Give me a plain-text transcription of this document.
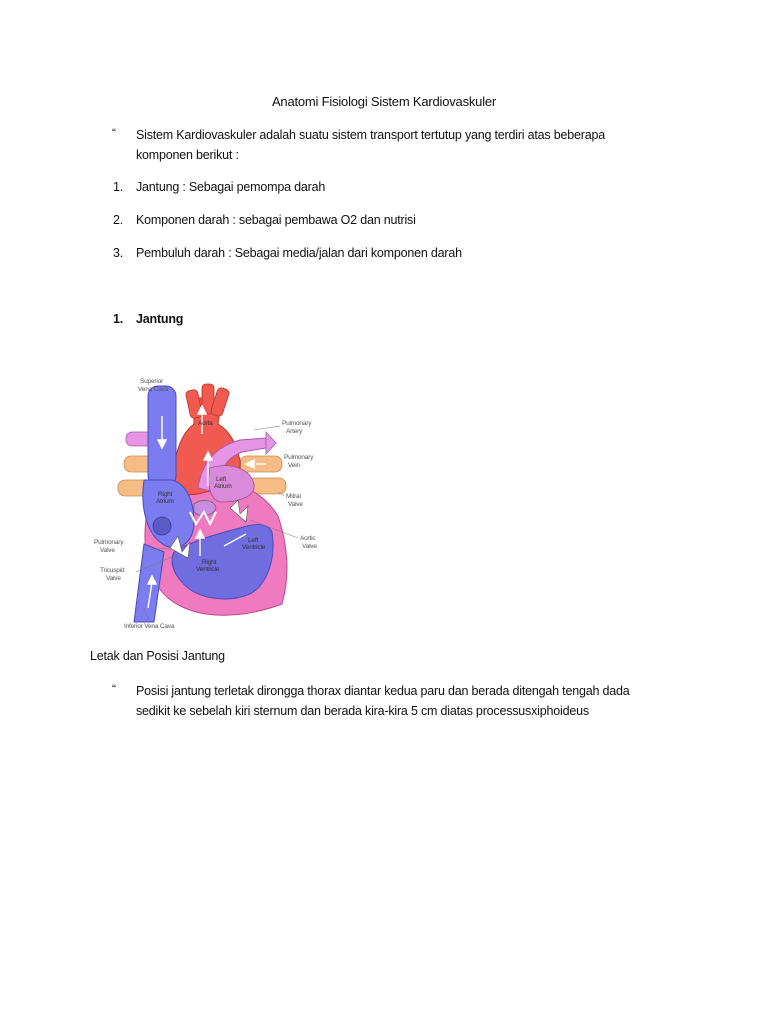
Anatomi Fisiologi Sistem Kardiovaskuler
“ Sistem Kardiovaskuler adalah suatu sistem transport tertutup yang terdiri atas beberapa
komponen berikut :
1. Jantung : Sebagai pemompa darah
2. Komponen darah : sebagai pembawa O2 dan nutrisi
3. Pembuluh darah : Sebagai media/jalan dari komponen darah
1. Jantung
Superior
Vena Cava
Aorta	Pulmonary
Artery
Pulmonary
Vein
Left
Atrium
Right
Atrium
Mitral
Valve
Pulmonary
Valve
Aortic
Valve
Left
Ventricle
Tricuspid
Valve
Right
Ventricle
Inferior Vena Cava
Letak dan Posisi Jantung
“ Posisi jantung terletak dirongga thorax diantar kedua paru dan berada ditengah tengah dada
sedikit ke sebelah kiri sternum dan berada kira-kira 5 cm diatas processusxiphoideus
